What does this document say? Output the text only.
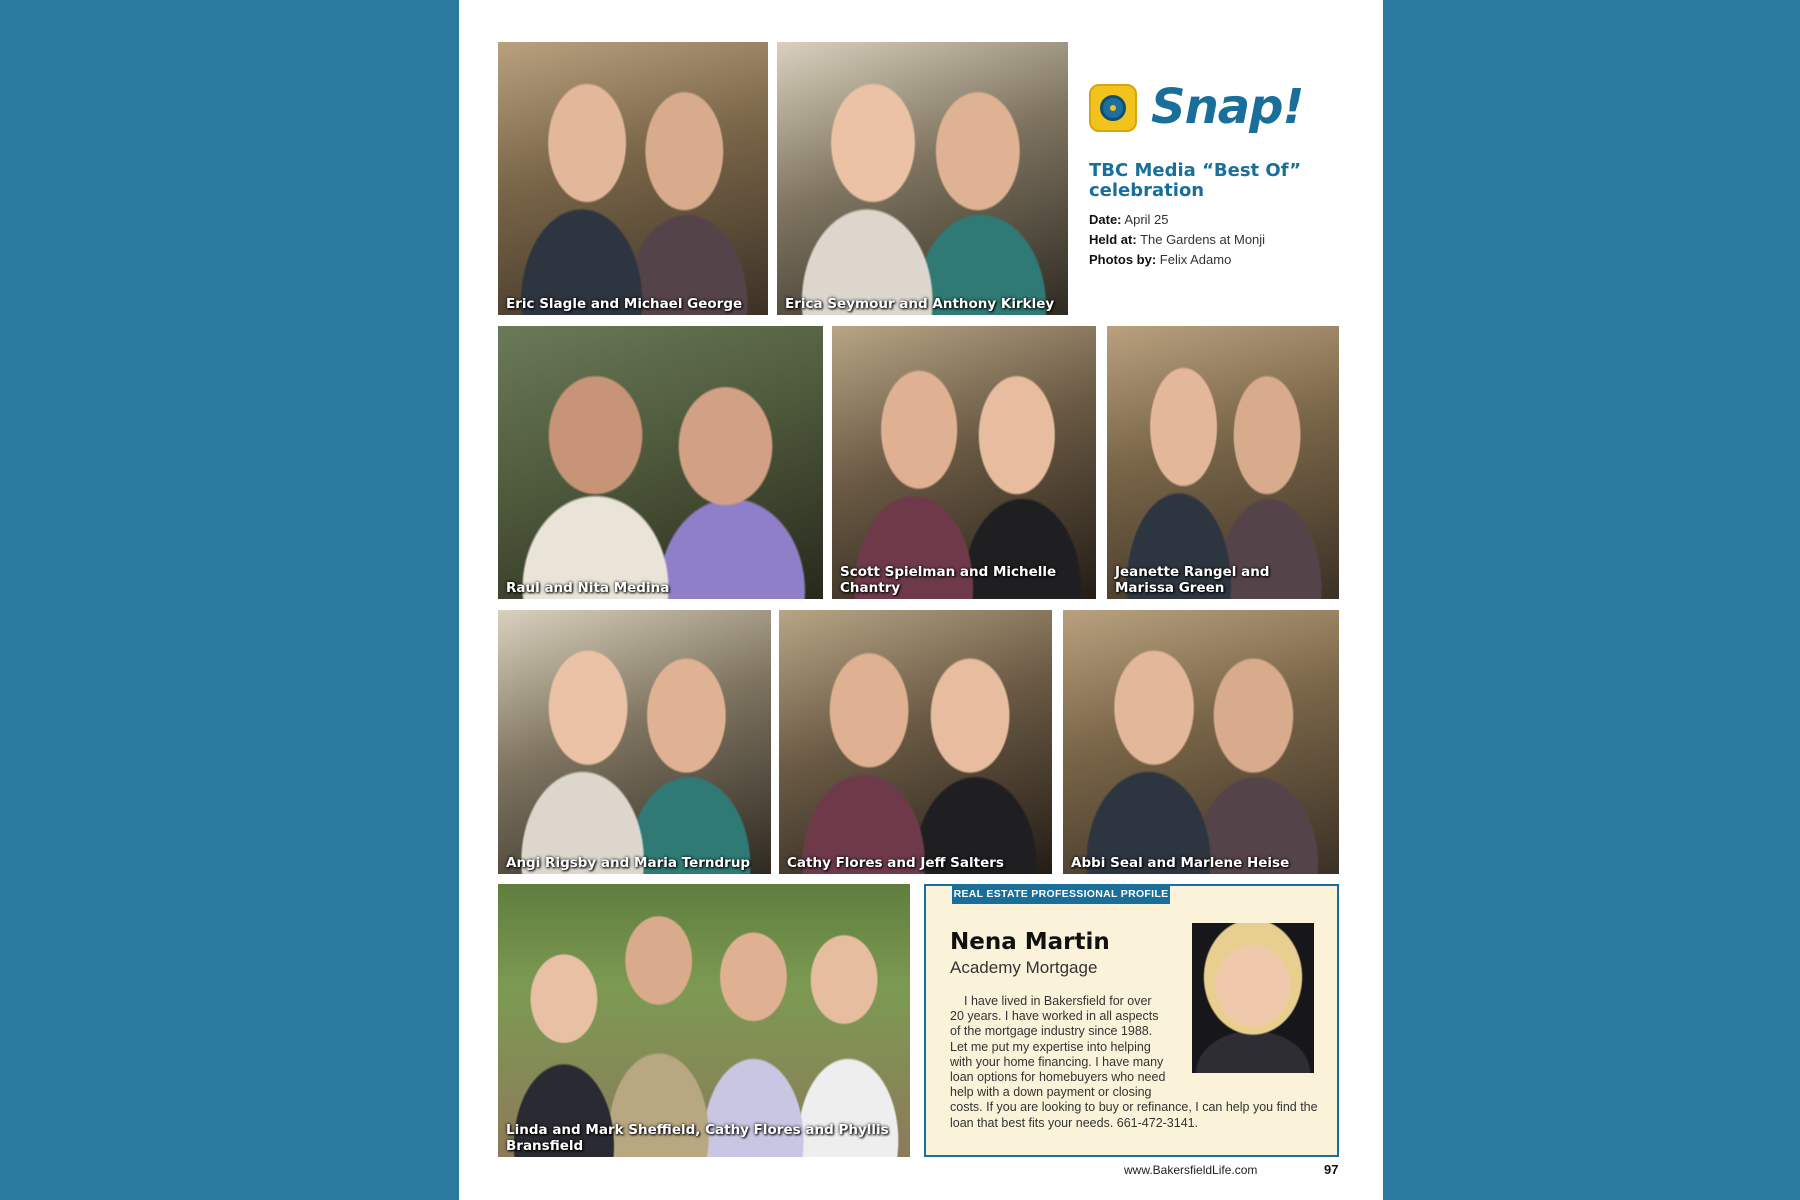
Eric Slagle and Michael George	Erica Seymour and Anthony Kirkley
Snap!
TBC Media “Best Of” celebration
Date: April 25
Held at: The Gardens at Monji
Photos by: Felix Adamo
Raul and Nita Medina
Scott Spielman and Michelle Chantry
Jeanette Rangel and Marissa Green
Angi Rigsby and Maria Terndrup	Cathy Flores and Jeff Salters	Abbi Seal and Marlene Heise
Linda and Mark Sheffield, Cathy Flores and Phyllis Bransfield
REAL ESTATE PROFESSIONAL PROFILE
Nena Martin
Academy Mortgage
I have lived in Bakersfield for over 20 years. I have worked in all aspects of the mortgage industry since 1988. Let me put my expertise into helping with your home financing. I have many loan options for homebuyers who need help with a down payment or closing costs. If you are looking to buy or refinance, I can help you find the loan that best fits your needs. 661-472-3141.
www.BakersfieldLife.com	97
